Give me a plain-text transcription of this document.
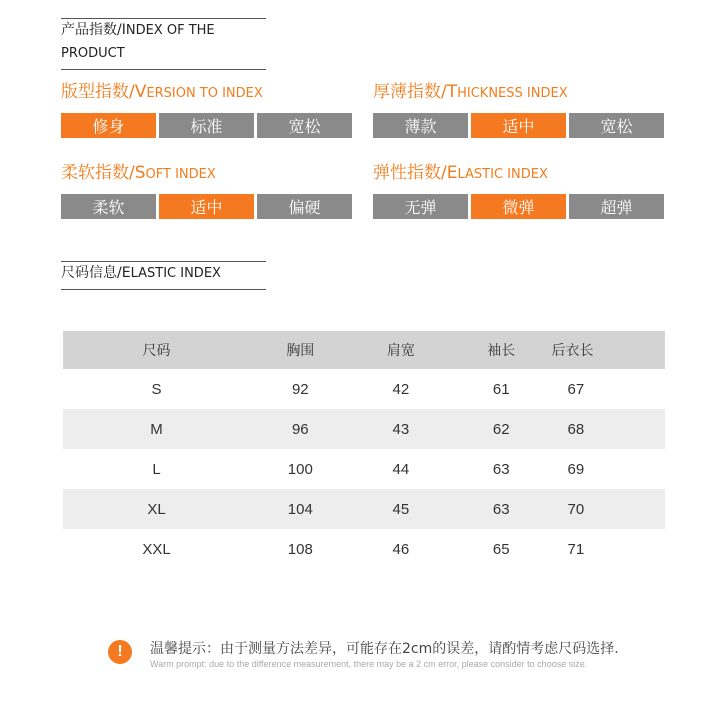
产品指数/INDEX OF THE PRODUCT
版型指数/VERSION TO INDEX
修身	标准	宽松
厚薄指数/THICKNESS INDEX
薄款	适中	宽松
柔软指数/SOFT INDEX
柔软	适中	偏硬
弹性指数/ELASTIC INDEX
无弹	微弹	超弹
尺码信息/ELASTIC INDEX
尺码	胸围	肩宽	袖长	后衣长
S	92	42	61	67
M	96	43	62	68
L	100	44	63	69
XL	104	45	63	70
XXL	108	46	65	71
!	温馨提示：由于测量方法差异，可能存在2cm的误差，请酌情考虑尺码选择.
Warm prompt: due to the difference measurement, there may be a 2 cm error, please consider to choose size.
